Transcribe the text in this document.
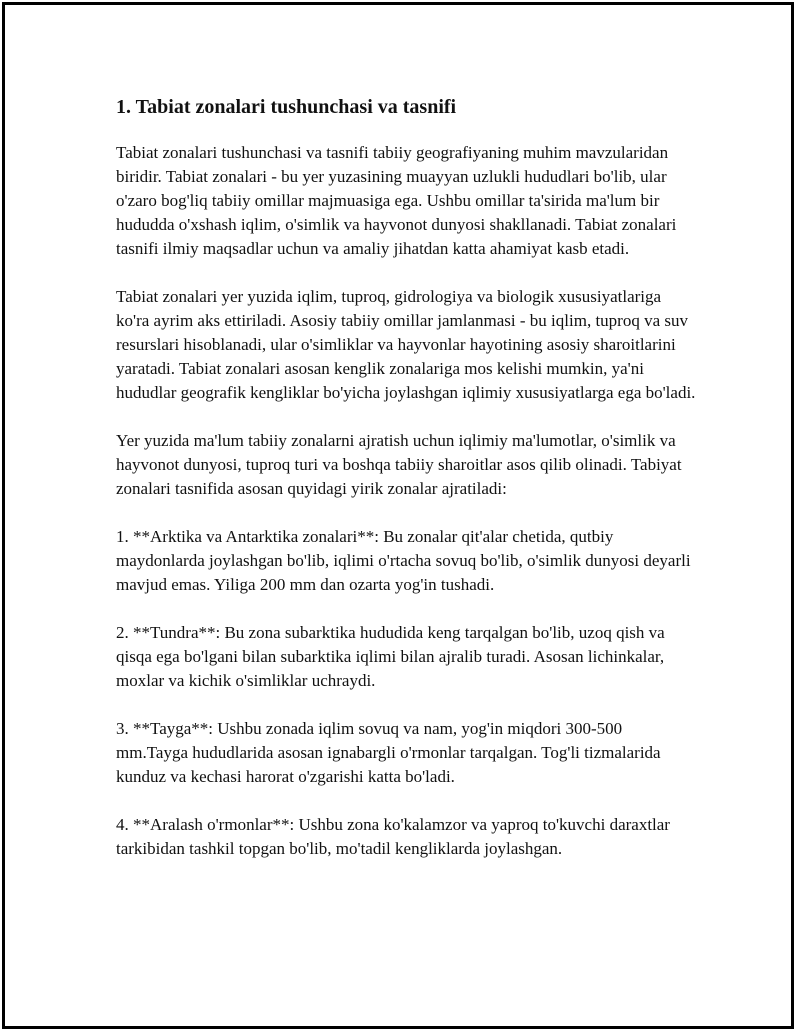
1. Tabiat zonalari tushunchasi va tasnifi

Tabiat zonalari tushunchasi va tasnifi tabiiy geografiyaning muhim mavzularidan biridir. Tabiat zonalari - bu yer yuzasining muayyan uzlukli hududlari bo'lib, ular o'zaro bog'liq tabiiy omillar majmuasiga ega. Ushbu omillar ta'sirida ma'lum bir hududda o'xshash iqlim, o'simlik va hayvonot dunyosi shakllanadi. Tabiat zonalari tasnifi ilmiy maqsadlar uchun va amaliy jihatdan katta ahamiyat kasb etadi.

Tabiat zonalari yer yuzida iqlim, tuproq, gidrologiya va biologik xususiyatlariga ko'ra ayrim aks ettiriladi. Asosiy tabiiy omillar jamlanmasi - bu iqlim, tuproq va suv resurslari hisoblanadi, ular o'simliklar va hayvonlar hayotining asosiy sharoitlarini yaratadi. Tabiat zonalari asosan kenglik zonalariga mos kelishi mumkin, ya'ni hududlar geografik kengliklar bo'yicha joylashgan iqlimiy xususiyatlarga ega bo'ladi.

Yer yuzida ma'lum tabiiy zonalarni ajratish uchun iqlimiy ma'lumotlar, o'simlik va hayvonot dunyosi, tuproq turi va boshqa tabiiy sharoitlar asos qilib olinadi. Tabiyat zonalari tasnifida asosan quyidagi yirik zonalar ajratiladi:

1. **Arktika va Antarktika zonalari**: Bu zonalar qit'alar chetida, qutbiy maydonlarda joylashgan bo'lib, iqlimi o'rtacha sovuq bo'lib, o'simlik dunyosi deyarli mavjud emas. Yiliga 200 mm dan ozarta yog'in tushadi.

2. **Tundra**: Bu zona subarktika hududida keng tarqalgan bo'lib, uzoq qish va qisqa ega bo'lgani bilan subarktika iqlimi bilan ajralib turadi. Asosan lichinkalar, moxlar va kichik o'simliklar uchraydi.

3. **Tayga**: Ushbu zonada iqlim sovuq va nam, yog'in miqdori 300-500 mm.Tayga hududlarida asosan ignabargli o'rmonlar tarqalgan. Tog'li tizmalarida kunduz va kechasi harorat o'zgarishi katta bo'ladi.

4. **Aralash o'rmonlar**: Ushbu zona ko'kalamzor va yaproq to'kuvchi daraxtlar tarkibidan tashkil topgan bo'lib, mo'tadil kengliklarda joylashgan.
